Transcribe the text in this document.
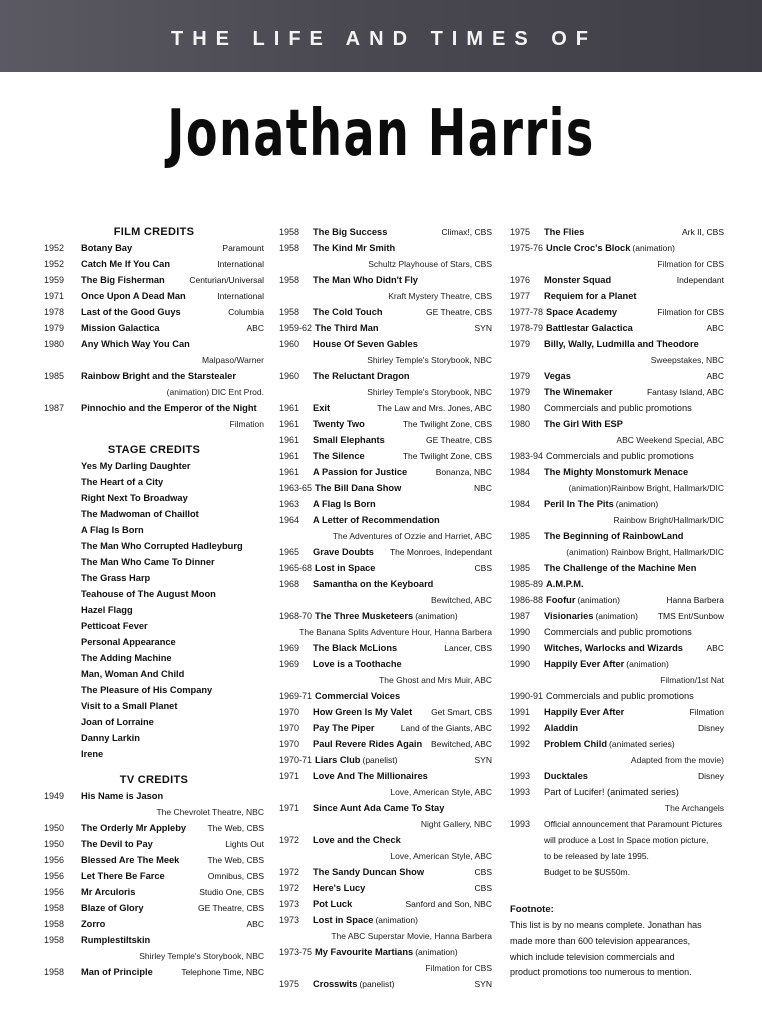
THE LIFE AND TIMES OF
Jonathan Harris
FILM CREDITS
1952	Botany Bay	Paramount
1952	Catch Me If You Can	International
1959	The Big Fisherman	Centurian/Universal
1971	Once Upon A Dead Man	International
1978	Last of the Good Guys	Columbia
1979	Mission Galactica	ABC
1980	Any Which Way You Can
Malpaso/Warner
1985	Rainbow Bright and the Starstealer
(animation) DIC Ent Prod.
1987	Pinnochio and the Emperor of the Night
Filmation
STAGE CREDITS
Yes My Darling Daughter
The Heart of a City
Right Next To Broadway
The Madwoman of Chaillot
A Flag Is Born
The Man Who Corrupted Hadleyburg
The Man Who Came To Dinner
The Grass Harp
Teahouse of The August Moon
Hazel Flagg
Petticoat Fever
Personal Appearance
The Adding Machine
Man, Woman And Child
The Pleasure of His Company
Visit to a Small Planet
Joan of Lorraine
Danny Larkin
Irene
TV CREDITS
1949	His Name is Jason
The Chevrolet Theatre, NBC
1950	The Orderly Mr Appleby	The Web, CBS
1950	The Devil to Pay	Lights Out
1956	Blessed Are The Meek	The Web, CBS
1956	Let There Be Farce	Omnibus, CBS
1956	Mr Arculoris	Studio One, CBS
1958	Blaze of Glory	GE Theatre, CBS
1958	Zorro	ABC
1958	Rumplestiltskin
Shirley Temple's Storybook, NBC
1958	Man of Principle	Telephone Time, NBC
1958	The Big Success	Climax!, CBS
1958	The Kind Mr Smith
Schultz Playhouse of Stars, CBS
1958	The Man Who Didn't Fly
Kraft Mystery Theatre, CBS
1958	The Cold Touch	GE Theatre, CBS
1959-62 The Third Man	SYN
1960	House Of Seven Gables
Shirley Temple's Storybook, NBC
1960	The Reluctant Dragon
Shirley Temple's Storybook, NBC
1961	Exit	The Law and Mrs. Jones, ABC
1961	Twenty Two	The Twilight Zone, CBS
1961	Small Elephants	GE Theatre, CBS
1961	The Silence	The Twilight Zone, CBS
1961	A Passion for Justice	Bonanza, NBC
1963-65 The Bill Dana Show	NBC
1963	A Flag Is Born
1964	A Letter of Recommendation
The Adventures of Ozzie and Harriet, ABC
1965	Grave Doubts	The Monroes, Independant
1965-68 Lost in Space	CBS
1968	Samantha on the Keyboard
Bewitched, ABC
1968-70 The Three Musketeers (animation)
The Banana Splits Adventure Hour, Hanna Barbera
1969	The Black McLions	Lancer, CBS
1969	Love is a Toothache
The Ghost and Mrs Muir, ABC
1969-71 Commercial Voices
1970	How Green Is My Valet	Get Smart, CBS
1970	Pay The Piper	Land of the Giants, ABC
1970	Paul Revere Rides Again	Bewitched, ABC
1970-71 Liars Club (panelist)	SYN
1971	Love And The Millionaires
Love, American Style, ABC
1971	Since Aunt Ada Came To Stay
Night Gallery, NBC
1972	Love and the Check
Love, American Style, ABC
1972	The Sandy Duncan Show	CBS
1972	Here's Lucy	CBS
1973	Pot Luck	Sanford and Son, NBC
1973	Lost in Space (animation)
The ABC Superstar Movie, Hanna Barbera
1973-75 My Favourite Martians (animation)
Filmation for CBS
1975	Crosswits (panelist)	SYN
1975	The Flies	Ark II, CBS
1975-76 Uncle Croc's Block (animation)
Filmation for CBS
1976	Monster Squad	Independant
1977	Requiem for a Planet
1977-78 Space Academy	Filmation for CBS
1978-79 Battlestar Galactica	ABC
1979	Billy, Wally, Ludmilla and Theodore
Sweepstakes, NBC
1979	Vegas	ABC
1979	The Winemaker	Fantasy Island, ABC
1980	Commercials and public promotions
1980	The Girl With ESP
ABC Weekend Special, ABC
1983-94 Commercials and public promotions
1984	The Mighty Monstomurk Menace
(animation)Rainbow Bright, Hallmark/DIC
1984	Peril In The Pits (animation)
Rainbow Bright/Hallmark/DIC
1985	The Beginning of RainbowLand
(animation) Rainbow Bright, Hallmark/DIC
1985	The Challenge of the Machine Men
1985-89 A.M.P.M.
1986-88 Foofur (animation)	Hanna Barbera
1987	Visionaries (animation)	TMS Ent/Sunbow
1990	Commercials and public promotions
1990	Witches, Warlocks and Wizards	ABC
1990	Happily Ever After (animation)
Filmation/1st Nat
1990-91 Commercials and public promotions
1991	Happily Ever After	Filmation
1992	Aladdin	Disney
1992	Problem Child (animated series)
Adapted from the movie)
1993	Ducktales	Disney
1993	Part of Lucifer! (animated series)
The Archangels
1993	Official announcement that Paramount Pictures
will produce a Lost In Space motion picture,
to be released by late 1995.
Budget to be $US50m.
Footnote:
This list is by no means complete. Jonathan has
made more than 600 television appearances,
which include television commercials and
product promotions too numerous to mention.
